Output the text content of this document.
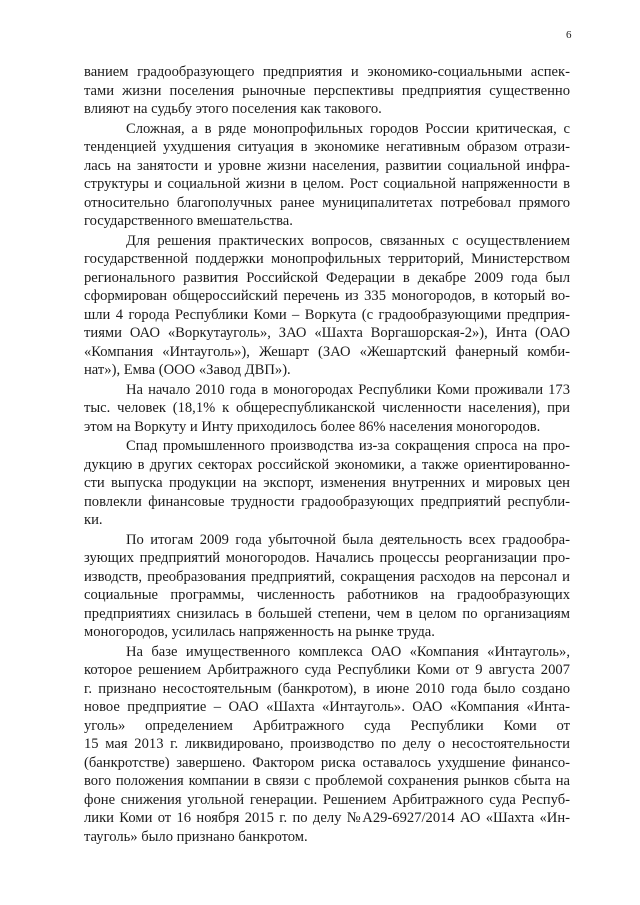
6
ванием градообразующего предприятия и экономико-социальными аспек-
тами жизни поселения рыночные перспективы предприятия существенно
влияют на судьбу этого поселения как такового.
Сложная, а в ряде монопрофильных городов России критическая, с
тенденцией ухудшения ситуация в экономике негативным образом отрази-
лась на занятости и уровне жизни населения, развитии социальной инфра-
структуры и социальной жизни в целом. Рост социальной напряженности в
относительно благополучных ранее муниципалитетах потребовал прямого
государственного вмешательства.
Для решения практических вопросов, связанных с осуществлением
государственной поддержки монопрофильных территорий, Министерством
регионального развития Российской Федерации в декабре 2009 года был
сформирован общероссийский перечень из 335 моногородов, в который во-
шли 4 города Республики Коми – Воркута (с градообразующими предприя-
тиями ОАО «Воркутауголь», ЗАО «Шахта Воргашорская-2»), Инта (ОАО
«Компания «Интауголь»), Жешарт (ЗАО «Жешартский фанерный комби-
нат»), Емва (ООО «Завод ДВП»).
На начало 2010 года в моногородах Республики Коми проживали 173
тыс. человек (18,1% к общереспубликанской численности населения), при
этом на Воркуту и Инту приходилось более 86% населения моногородов.
Спад промышленного производства из-за сокращения спроса на про-
дукцию в других секторах российской экономики, а также ориентированно-
сти выпуска продукции на экспорт, изменения внутренних и мировых цен
повлекли финансовые трудности градообразующих предприятий республи-
ки.
По итогам 2009 года убыточной была деятельность всех градообра-
зующих предприятий моногородов. Начались процессы реорганизации про-
изводств, преобразования предприятий, сокращения расходов на персонал и
социальные программы, численность работников на градообразующих
предприятиях снизилась в большей степени, чем в целом по организациям
моногородов, усилилась напряженность на рынке труда.
На базе имущественного комплекса ОАО «Компания «Интауголь»,
которое решением Арбитражного суда Республики Коми от 9 августа 2007
г. признано несостоятельным (банкротом), в июне 2010 года было создано
новое предприятие – ОАО «Шахта «Интауголь». ОАО «Компания «Инта-
уголь» определением Арбитражного суда Республики Коми от
15 мая 2013 г. ликвидировано, производство по делу о несостоятельности
(банкротстве) завершено. Фактором риска оставалось ухудшение финансо-
вого положения компании в связи с проблемой сохранения рынков сбыта на
фоне снижения угольной генерации. Решением Арбитражного суда Респуб-
лики Коми от 16 ноября 2015 г. по делу №А29-6927/2014 АО «Шахта «Ин-
тауголь» было признано банкротом.
